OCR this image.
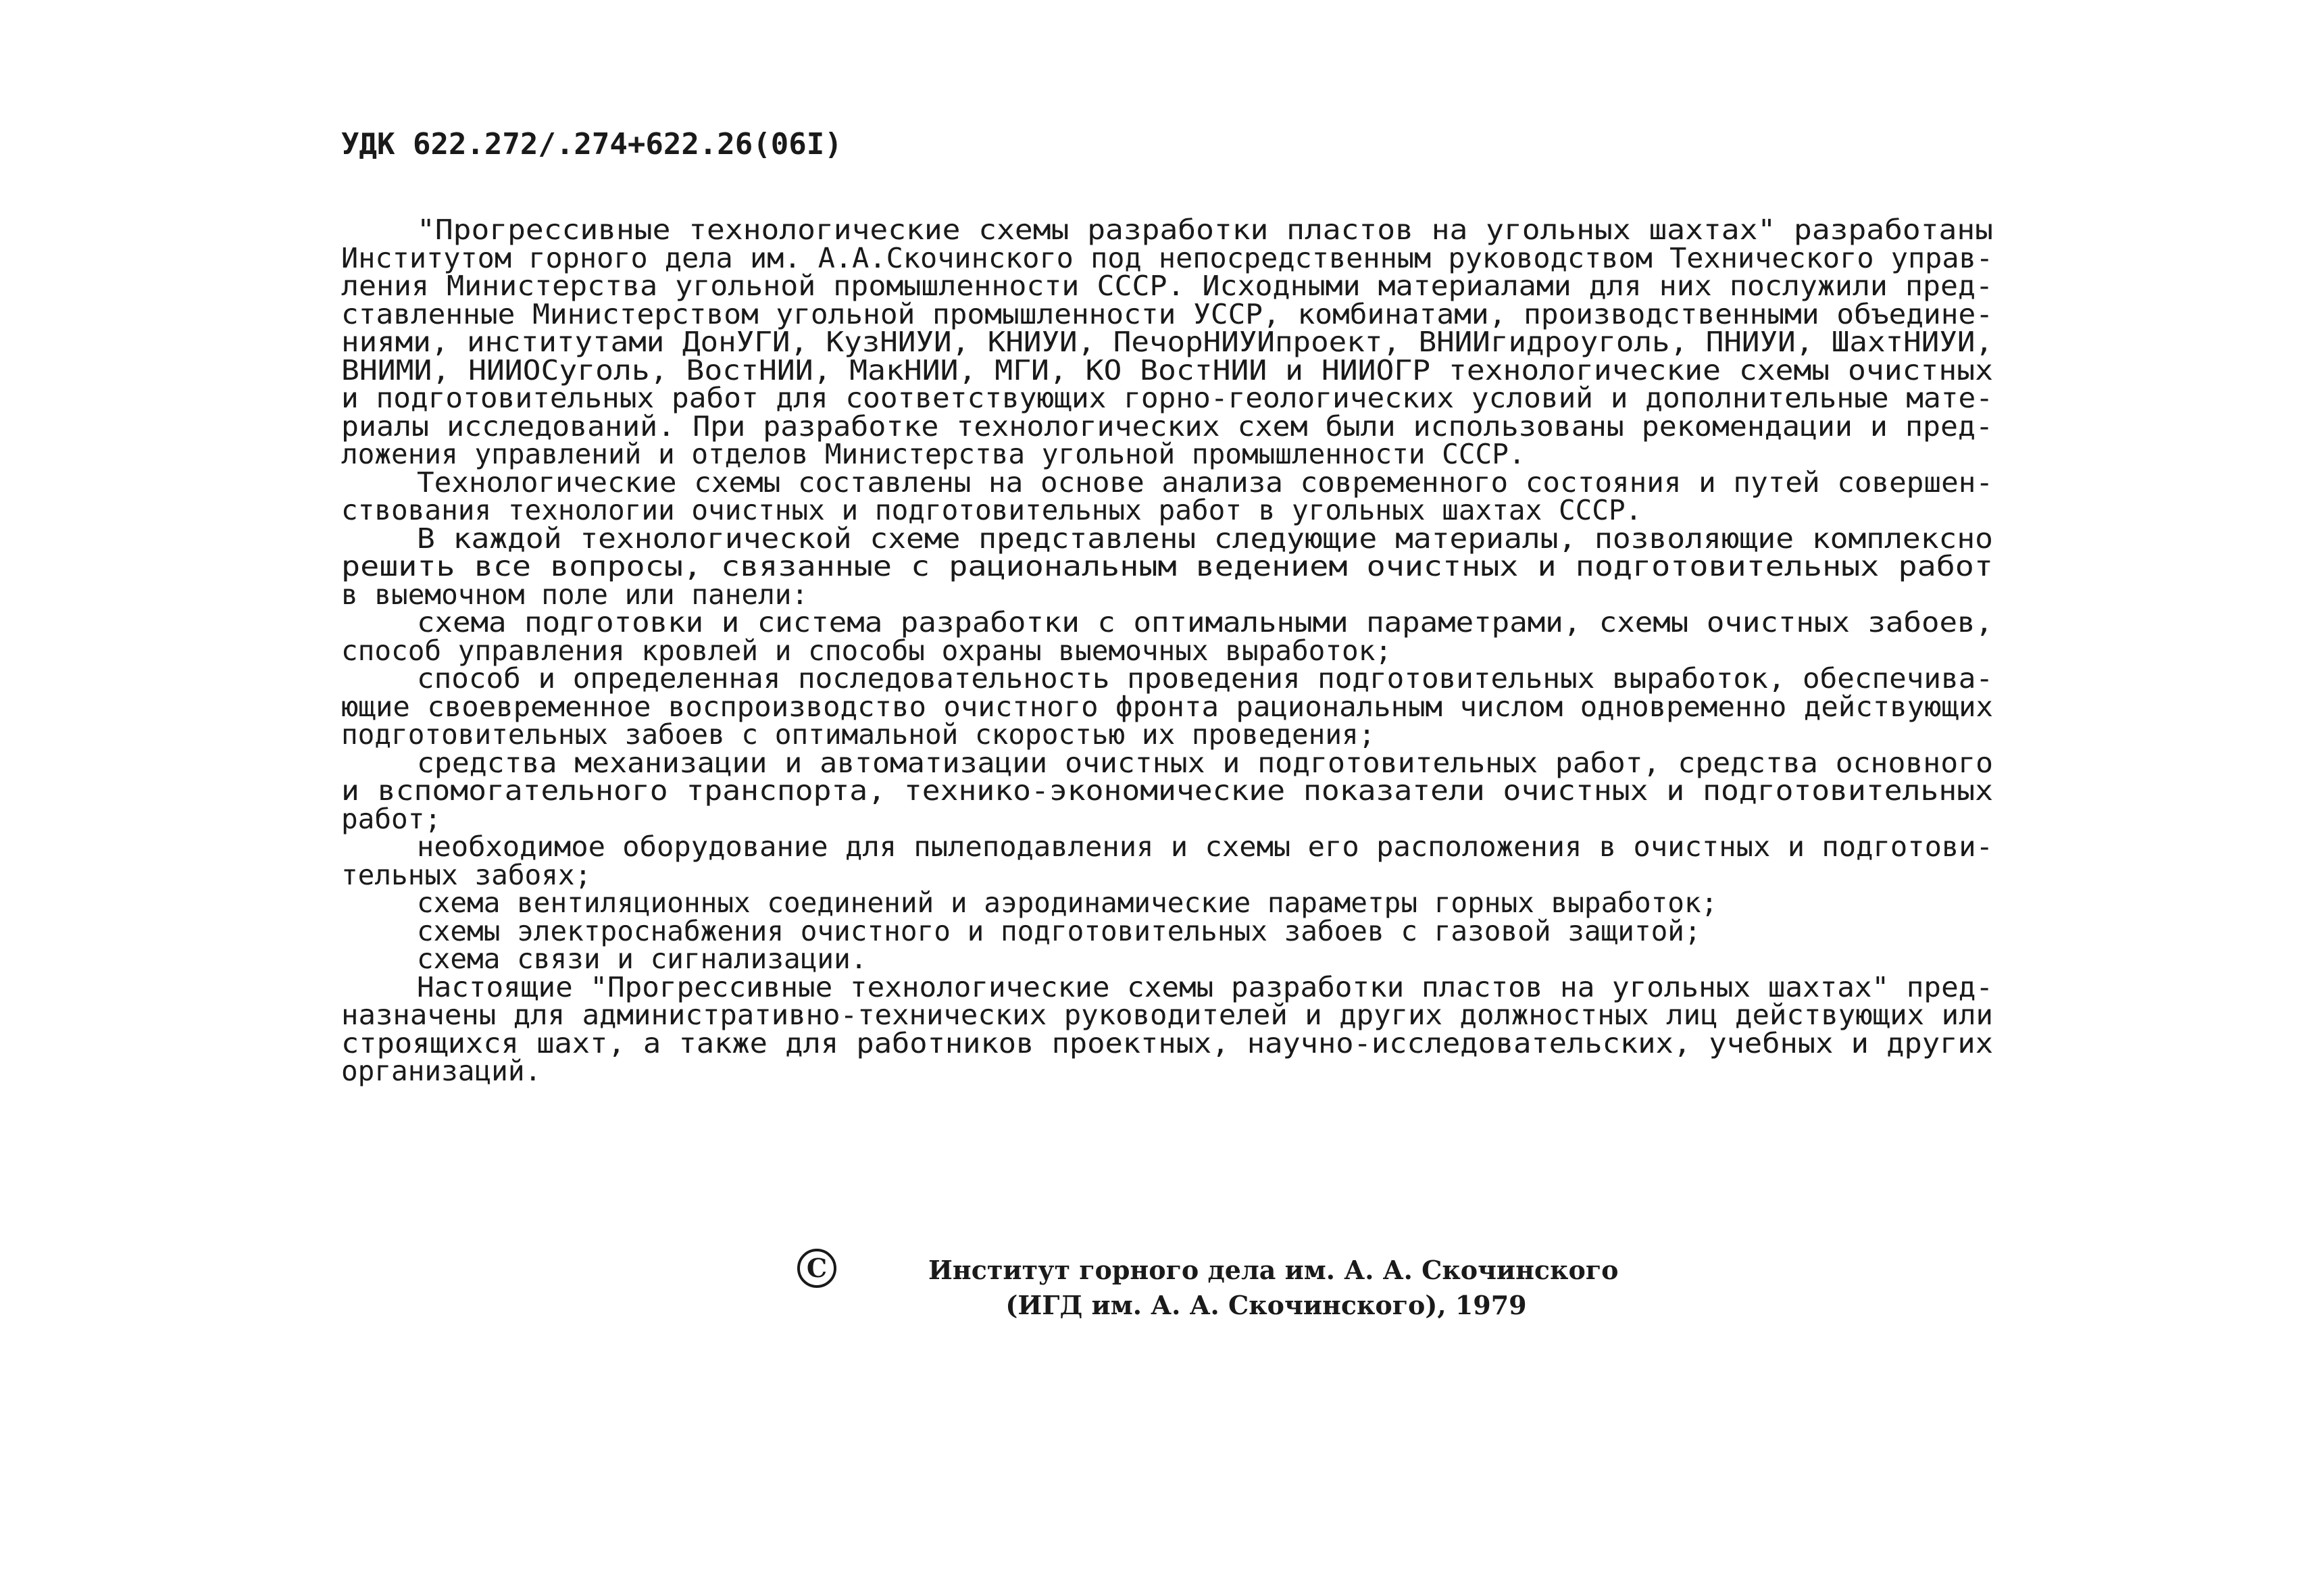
УДК 622.272/.274+622.26(06I)
"Прогрессивные технологические схемы разработки пластов на угольных шахтах" разработаны
Институтом горного дела им. А.А.Скочинского под непосредственным руководством Технического управ-
ления Министерства угольной промышленности СССР. Исходными материалами для них послужили пред-
ставленные Министерством угольной промышленности УССР, комбинатами, производственными объедине-
ниями, институтами ДонУГИ, КузНИУИ, КНИУИ, ПечорНИУИпроект, ВНИИгидроуголь, ПНИУИ, ШахтНИУИ,
ВНИМИ, НИИОСуголь, ВостНИИ, МакНИИ, МГИ, КО ВостНИИ и НИИОГР технологические схемы очистных
и подготовительных работ для соответствующих горно-геологических условий и дополнительные мате-
риалы исследований. При разработке технологических схем были использованы рекомендации и пред-
ложения управлений и отделов Министерства угольной промышленности СССР.
Технологические схемы составлены на основе анализа современного состояния и путей совершен-
ствования технологии очистных и подготовительных работ в угольных шахтах СССР.
В каждой технологической схеме представлены следующие материалы, позволяющие комплексно
решить все вопросы, связанные с рациональным ведением очистных и подготовительных работ
в выемочном поле или панели:
схема подготовки и система разработки с оптимальными параметрами, схемы очистных забоев,
способ управления кровлей и способы охраны выемочных выработок;
способ и определенная последовательность проведения подготовительных выработок, обеспечива-
ющие своевременное воспроизводство очистного фронта рациональным числом одновременно действующих
подготовительных забоев с оптимальной скоростью их проведения;
средства механизации и автоматизации очистных и подготовительных работ, средства основного
и вспомогательного транспорта, технико-экономические показатели очистных и подготовительных
работ;
необходимое оборудование для пылеподавления и схемы его расположения в очистных и подготови-
тельных забоях;
схема вентиляционных соединений и аэродинамические параметры горных выработок;
схемы электроснабжения очистного и подготовительных забоев с газовой защитой;
схема связи и сигнализации.
Настоящие "Прогрессивные технологические схемы разработки пластов на угольных шахтах" пред-
назначены для административно-технических руководителей и других должностных лиц действующих или
строящихся шахт, а также для работников проектных, научно-исследовательских, учебных и других
организаций.
C	Институт горного дела им. А. А. Скочинского
(ИГД им. А. А. Скочинского), 1979
